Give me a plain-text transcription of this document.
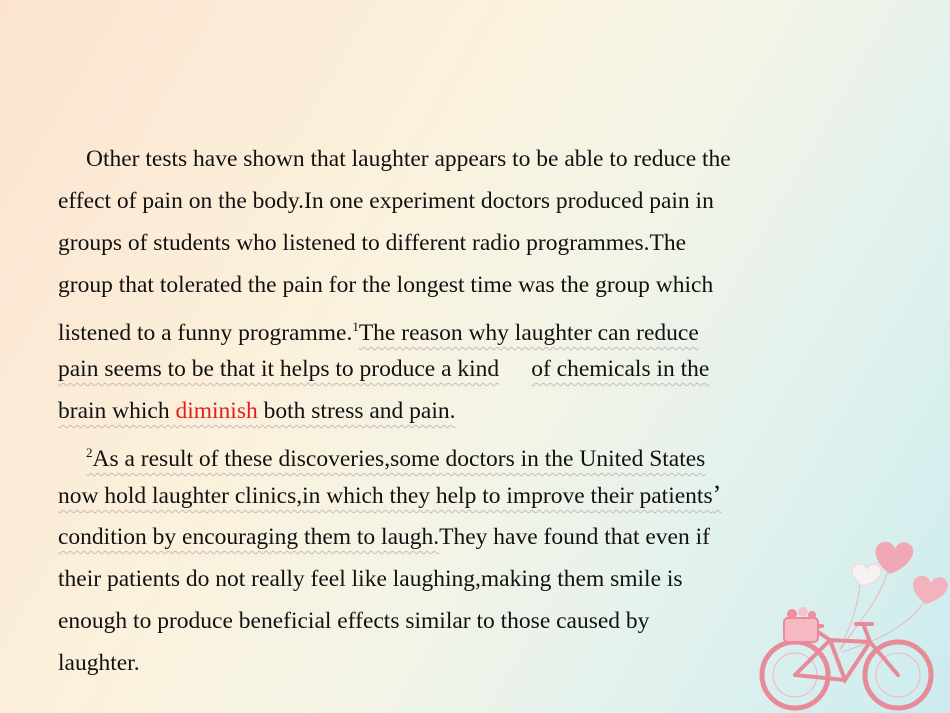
Other tests have shown that laughter appears to be able to reduce the
effect of pain on the body.In one experiment doctors produced pain in
groups of students who listened to different radio programmes.The
group that tolerated the pain for the longest time was the group which
listened to a funny programme.$^1$The reason why laughter can reduce
pain seems to be that it helps to produce a kind of chemicals in the
brain which diminish both stress and pain.
$^2$As a result of these discoveries,some doctors in the United States
now hold laughter clinics,in which they help to improve their patients’
condition by encouraging them to laugh.They have found that even if
their patients do not really feel like laughing,making them smile is
enough to produce beneficial effects similar to those caused by
laughter.
